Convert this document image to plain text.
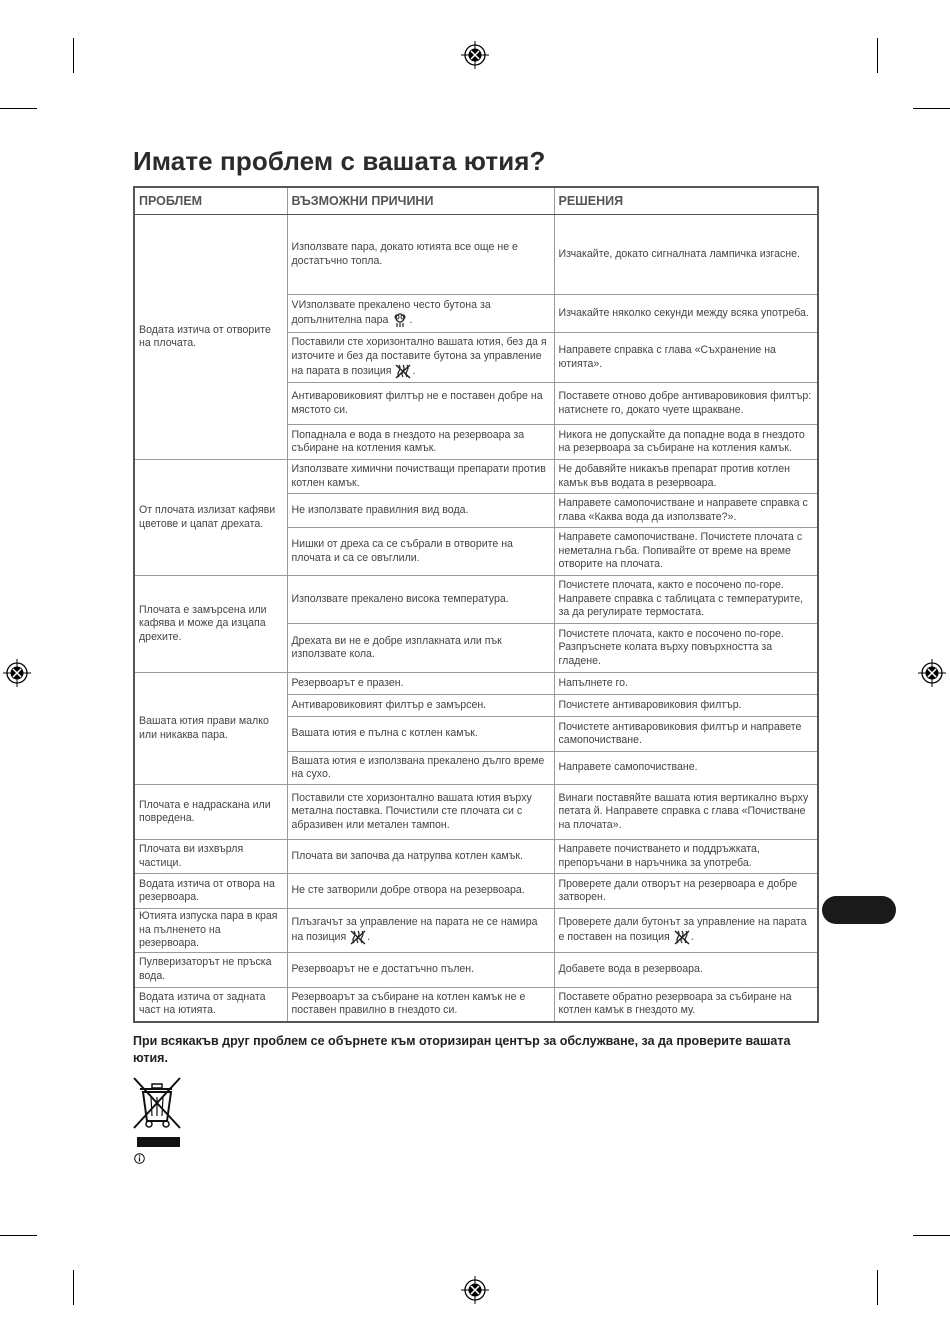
Имате проблем с вашата ютия?
ПРОБЛЕМ	ВЪЗМОЖНИ ПРИЧИНИ	РЕШЕНИЯ
Водата изтича от отворите на плочата.	Използвате пара, докато ютията все още не е достатъчно топла.	Изчакайте, докато сигналната лампичка изгасне.
	VИзползвате прекалено често бутона за допълнителна пара .	Изчакайте няколко секунди между всяка употреба.
	Поставили сте хоризонтално вашата ютия, без да я източите и без да поставите бутона за управление на парата в позиция .	Направете справка с глава «Съхранение на ютията».
	Антиваровиковият филтър не е поставен добре на мястото си.	Поставете отново добре антиваровиковия филтър: натиснете го, докато чуете щракване.
	Попаднала е вода в гнездото на резервоара за събиране на котления камък.	Никога не допускайте да попадне вода в гнездото на резервоара за събиране на котления камък.
От плочата излизат кафяви цветове и цапат дрехата.	Използвате химични почистващи препарати против котлен камък.	Не добавяйте никакъв препарат против котлен камък във водата в резервоара.
	Не използвате правилния вид вода.	Направете самопочистване и направете справка с глава «Каква вода да използвате?».
	Нишки от дреха са се събрали в отворите на плочата и са се овъглили.	Направете самопочистване. Почистете плочата с неметална гъба. Попивайте от време на време отворите на плочата.
Плочата е замърсена или кафява и може да изцапа дрехите.	Използвате прекалено висока температура.	Почистете плочата, както е посочено по-горе. Направете справка с таблицата с температурите, за да регулирате термостата.
	Дрехата ви не е добре изплакната или пък използвате кола.	Почистете плочата, както е посочено по-горе. Разпръснете колата върху повърхността за гладене.
Вашата ютия прави малко или никаква пара.	Резервоарът е празен.	Напълнете го.
	Антиваровиковият филтър е замърсен.	Почистете антиваровиковия филтър.
	Вашата ютия е пълна с котлен камък.	Почистете антиваровиковия филтър и направете самопочистване.
	Вашата ютия е използвана прекалено дълго време на сухо.	Направете самопочистване.
Плочата е надраскана или повредена.	Поставили сте хоризонтално вашата ютия върху метална поставка. Почистили сте плочата си с абразивен или метален тампон.	Винаги поставяйте вашата ютия вертикално върху петата й. Направете справка с глава «Почистване на плочата».
Плочата ви изхвърля частици.	Плочата ви започва да натрупва котлен камък.	Направете почистването и поддръжката, препоръчани в наръчника за употреба.
Водата изтича от отвора на резервоара.	Не сте затворили добре отвора на резервоара.	Проверете дали отворът на резервоара е добре затворен.
Ютията изпуска пара в края на пълненето на резервоара.	Плъзгачът за управление на парата не се намира на позиция .	Проверете дали бутонът за управление на парата е поставен на позиция .
Пулверизаторът не пръска вода.	Резервоарът не е достатъчно пълен.	Добавете вода в резервоара.
Водата изтича от задната част на ютията.	Резервоарът за събиране на котлен камък не е поставен правилно в гнездото си.	Поставете обратно резервоара за събиране на котлен камък в гнездото му.

При всякакъв друг проблем се обърнете към оторизиран център за обслужване, за да проверите вашата ютия.
